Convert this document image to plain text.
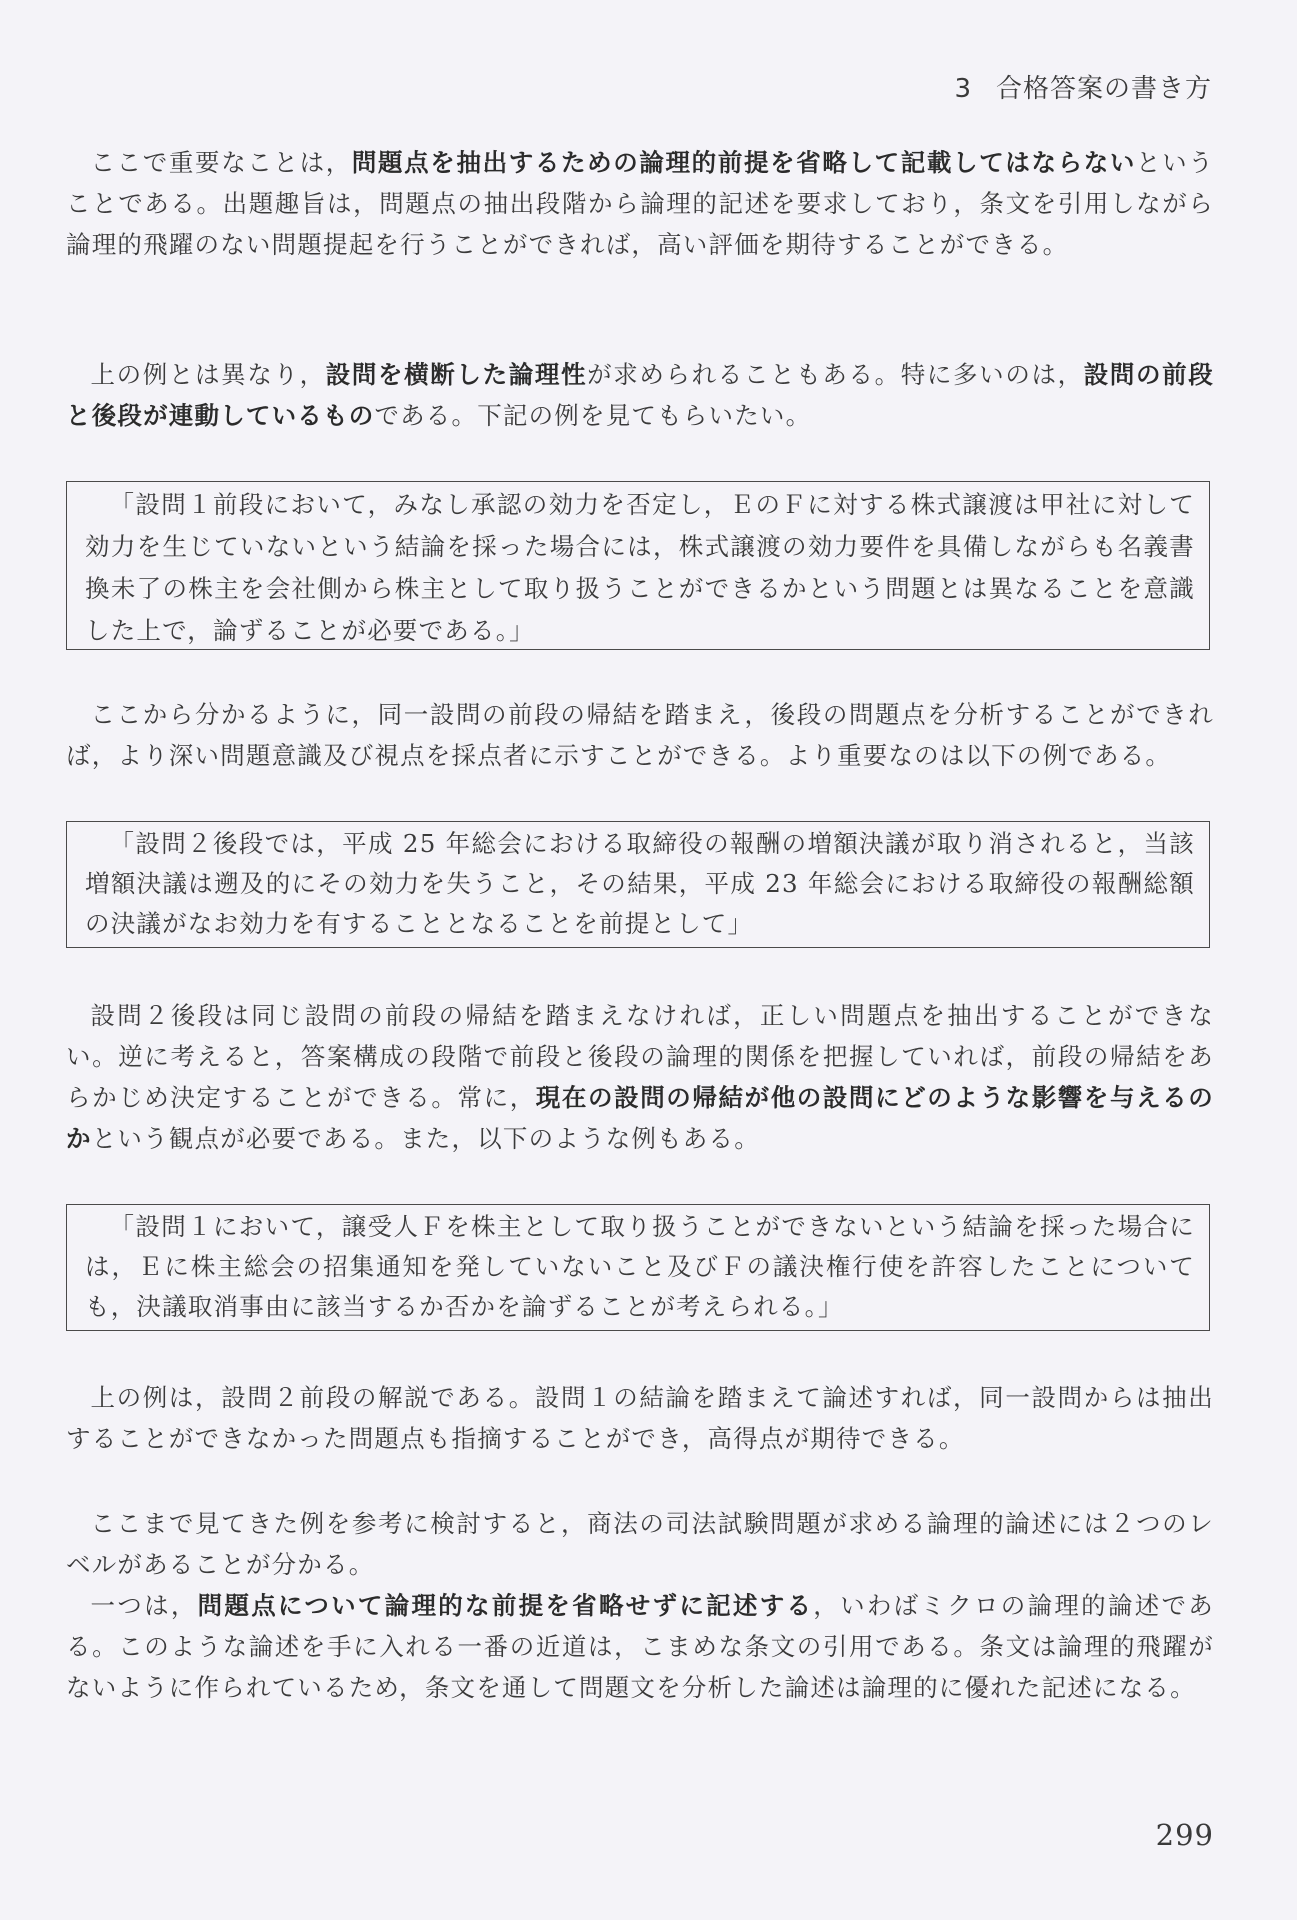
3 合格答案の書き方

ここで重要なことは，問題点を抽出するための論理的前提を省略して記載してはならないということである。出題趣旨は，問題点の抽出段階から論理的記述を要求しており，条文を引用しながら論理的飛躍のない問題提起を行うことができれば，高い評価を期待することができる。

上の例とは異なり，設問を横断した論理性が求められることもある。特に多いのは，設問の前段と後段が連動しているものである。下記の例を見てもらいたい。

「設問１前段において，みなし承認の効力を否定し，ＥのＦに対する株式譲渡は甲社に対して効力を生じていないという結論を採った場合には，株式譲渡の効力要件を具備しながらも名義書換未了の株主を会社側から株主として取り扱うことができるかという問題とは異なることを意識した上で，論ずることが必要である。」

ここから分かるように，同一設問の前段の帰結を踏まえ，後段の問題点を分析することができれば，より深い問題意識及び視点を採点者に示すことができる。より重要なのは以下の例である。

「設問２後段では，平成 25 年総会における取締役の報酬の増額決議が取り消されると，当該増額決議は遡及的にその効力を失うこと，その結果，平成 23 年総会における取締役の報酬総額の決議がなお効力を有することとなることを前提として」

設問２後段は同じ設問の前段の帰結を踏まえなければ，正しい問題点を抽出することができない。逆に考えると，答案構成の段階で前段と後段の論理的関係を把握していれば，前段の帰結をあらかじめ決定することができる。常に，現在の設問の帰結が他の設問にどのような影響を与えるのかという観点が必要である。また，以下のような例もある。

「設問１において，譲受人Ｆを株主として取り扱うことができないという結論を採った場合には，Ｅに株主総会の招集通知を発していないこと及びＦの議決権行使を許容したことについても，決議取消事由に該当するか否かを論ずることが考えられる。」

上の例は，設問２前段の解説である。設問１の結論を踏まえて論述すれば，同一設問からは抽出することができなかった問題点も指摘することができ，高得点が期待できる。

ここまで見てきた例を参考に検討すると，商法の司法試験問題が求める論理的論述には２つのレベルがあることが分かる。

一つは，問題点について論理的な前提を省略せずに記述する，いわばミクロの論理的論述である。このような論述を手に入れる一番の近道は，こまめな条文の引用である。条文は論理的飛躍がないように作られているため，条文を通して問題文を分析した論述は論理的に優れた記述になる。

299
